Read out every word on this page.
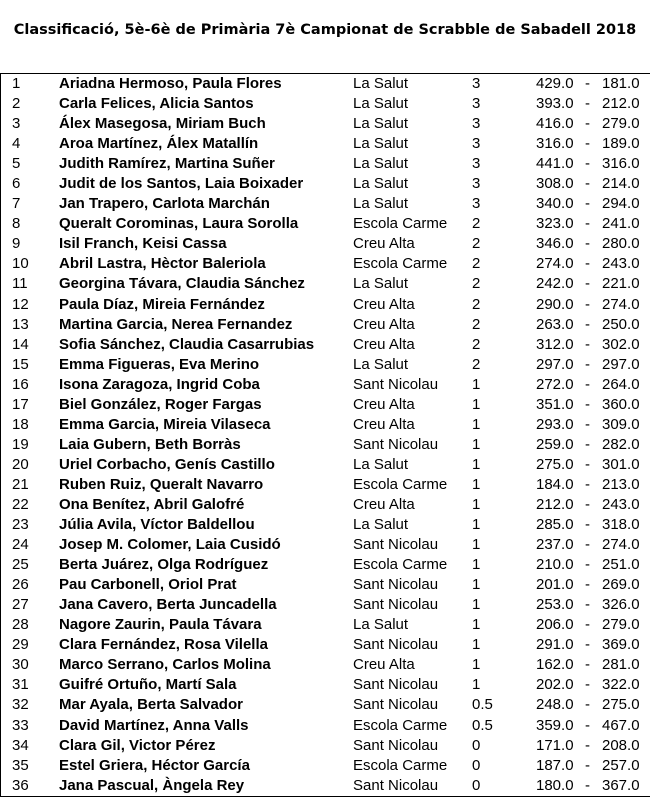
Classificació, 5è-6è de Primària 7è Campionat de Scrabble de Sabadell 2018
1	Ariadna Hermoso, Paula Flores	La Salut	3	429.0 - 181.0
2	Carla Felices, Alicia Santos	La Salut	3	393.0 - 212.0
3	Álex Masegosa, Miriam Buch	La Salut	3	416.0 - 279.0
4	Aroa Martínez, Álex Matallín	La Salut	3	316.0 - 189.0
5	Judith Ramírez, Martina Suñer	La Salut	3	441.0 - 316.0
6	Judit de los Santos, Laia Boixader	La Salut	3	308.0 - 214.0
7	Jan Trapero, Carlota Marchán	La Salut	3	340.0 - 294.0
8	Queralt Corominas, Laura Sorolla	Escola Carme 2	323.0 - 241.0
9	Isil Franch, Keisi Cassa	Creu Alta	2	346.0 - 280.0
10 Abril Lastra, Hèctor Baleriola	Escola Carme 2	274.0 - 243.0
11 Georgina Távara, Claudia Sánchez	La Salut	2	242.0 - 221.0
12 Paula Díaz, Mireia Fernández	Creu Alta	2	290.0 - 274.0
13 Martina Garcia, Nerea Fernandez	Creu Alta	2	263.0 - 250.0
14 Sofia Sánchez, Claudia Casarrubias	Creu Alta	2	312.0 - 302.0
15 Emma Figueras, Eva Merino	La Salut	2	297.0 - 297.0
16 Isona Zaragoza, Ingrid Coba	Sant Nicolau 1	272.0 - 264.0
17 Biel González, Roger Fargas	Creu Alta	1	351.0 - 360.0
18 Emma Garcia, Mireia Vilaseca	Creu Alta	1	293.0 - 309.0
19 Laia Gubern, Beth Borràs	Sant Nicolau 1	259.0 - 282.0
20 Uriel Corbacho, Genís Castillo	La Salut	1	275.0 - 301.0
21 Ruben Ruiz, Queralt Navarro	Escola Carme 1	184.0 - 213.0
22 Ona Benítez, Abril Galofré	Creu Alta	1	212.0 - 243.0
23 Júlia Avila, Víctor Baldellou	La Salut	1	285.0 - 318.0
24 Josep M. Colomer, Laia Cusidó	Sant Nicolau 1	237.0 - 274.0
25 Berta Juárez, Olga Rodríguez	Escola Carme 1	210.0 - 251.0
26 Pau Carbonell, Oriol Prat	Sant Nicolau 1	201.0 - 269.0
27 Jana Cavero, Berta Juncadella	Sant Nicolau 1	253.0 - 326.0
28 Nagore Zaurin, Paula Távara	La Salut	1	206.0 - 279.0
29 Clara Fernández, Rosa Vilella	Sant Nicolau 1	291.0 - 369.0
30 Marco Serrano, Carlos Molina	Creu Alta	1	162.0 - 281.0
31 Guifré Ortuño, Martí Sala	Sant Nicolau 1	202.0 - 322.0
32 Mar Ayala, Berta Salvador	Sant Nicolau 0.5	248.0 - 275.0
33 David Martínez, Anna Valls	Escola Carme 0.5	359.0 - 467.0
34 Clara Gil, Victor Pérez	Sant Nicolau 0	171.0 - 208.0
35 Estel Griera, Héctor García	Escola Carme 0	187.0 - 257.0
36 Jana Pascual, Àngela Rey	Sant Nicolau 0	180.0 - 367.0
